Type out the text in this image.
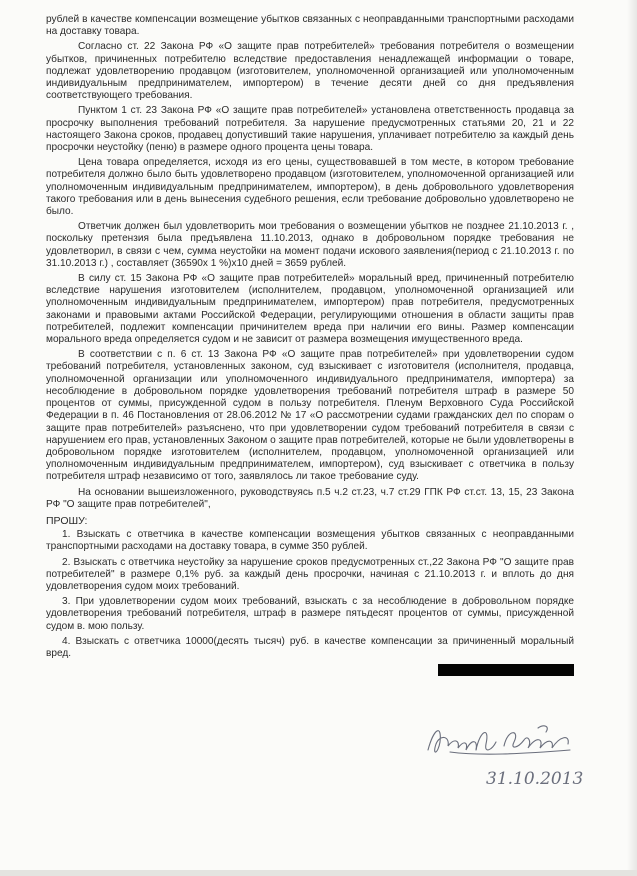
рублей в качестве компенсации возмещение убытков связанных с неоправданными транспортными расходами на доставку товара.

Согласно ст. 22 Закона РФ «О защите прав потребителей» требования потребителя о возмещении убытков, причиненных потребителю вследствие предоставления ненадлежащей информации о товаре, подлежат удовлетворению продавцом (изготовителем, уполномоченной организацией или уполномоченным индивидуальным предпринимателем, импортером) в течение десяти дней со дня предъявления соответствующего требования.

Пунктом 1 ст. 23 Закона РФ «О защите прав потребителей» установлена ответственность продавца за просрочку выполнения требований потребителя. За нарушение предусмотренных статьями 20, 21 и 22 настоящего Закона сроков, продавец допустивший такие нарушения, уплачивает потребителю за каждый день просрочки неустойку (пеню) в размере одного процента цены товара.

Цена товара определяется, исходя из его цены, существовавшей в том месте, в котором требование потребителя должно было быть удовлетворено продавцом (изготовителем, уполномоченной организацией или уполномоченным индивидуальным предпринимателем, импортером), в день добровольного удовлетворения такого требования или в день вынесения судебного решения, если требование добровольно удовлетворено не было.

Ответчик должен был удовлетворить мои требования о возмещении убытков не позднее 21.10.2013 г. , поскольку претензия была предъявлена 11.10.2013, однако в добровольном порядке требования не удовлетворил, в связи с чем, сумма неустойки на момент подачи искового заявления(период с 21.10.2013 г. по 31.10.2013 г.) , составляет (36590х 1 %)х10 дней = 3659 рублей.

В силу ст. 15 Закона РФ «О защите прав потребителей» моральный вред, причиненный потребителю вследствие нарушения изготовителем (исполнителем, продавцом, уполномоченной организацией или уполномоченным индивидуальным предпринимателем, импортером) прав потребителя, предусмотренных законами и правовыми актами Российской Федерации, регулирующими отношения в области защиты прав потребителей, подлежит компенсации причинителем вреда при наличии его вины. Размер компенсации морального вреда определяется судом и не зависит от размера возмещения имущественного вреда.

В соответствии с п. 6 ст. 13 Закона РФ «О защите прав потребителей» при удовлетворении судом требований потребителя, установленных законом, суд взыскивает с изготовителя (исполнителя, продавца, уполномоченной организации или уполномоченного индивидуального предпринимателя, импортера) за несоблюдение в добровольном порядке удовлетворения требований потребителя штраф в размере 50 процентов от суммы, присужденной судом в пользу потребителя. Пленум Верховного Суда Российской Федерации в п. 46 Постановления от 28.06.2012 № 17 «О рассмотрении судами гражданских дел по спорам о защите прав потребителей» разъяснено, что при удовлетворении судом требований потребителя в связи с нарушением его прав, установленных Законом о защите прав потребителей, которые не были удовлетворены в добровольном порядке изготовителем (исполнителем, продавцом, уполномоченной организацией или уполномоченным индивидуальным предпринимателем, импортером), суд взыскивает с ответчика в пользу потребителя штраф независимо от того, заявлялось ли такое требование суду.

На основании вышеизложенного, руководствуясь п.5 ч.2 ст.23, ч.7 ст.29 ГПК РФ ст.ст. 13, 15, 23 Закона РФ "О защите прав потребителей",

ПРОШУ:

1. Взыскать с ответчика в качестве компенсации возмещения убытков связанных с неоправданными транспортными расходами на доставку товара, в сумме 350 рублей.

2. Взыскать с ответчика неустойку за нарушение сроков предусмотренных ст.,22 Закона РФ "О защите прав потребителей" в размере 0,1% руб. за каждый день просрочки, начиная с 21.10.2013 г. и вплоть до дня удовлетворения судом моих требований.

3. При удовлетворении судом моих требований, взыскать с за несоблюдение в добровольном порядке удовлетворения требований потребителя, штраф в размере пятьдесят процентов от суммы, присужденной судом в. мою пользу.

4. Взыскать с ответчика 10000(десять тысяч) руб. в качестве компенсации за причиненный моральный вред.

31.10.2013 г
